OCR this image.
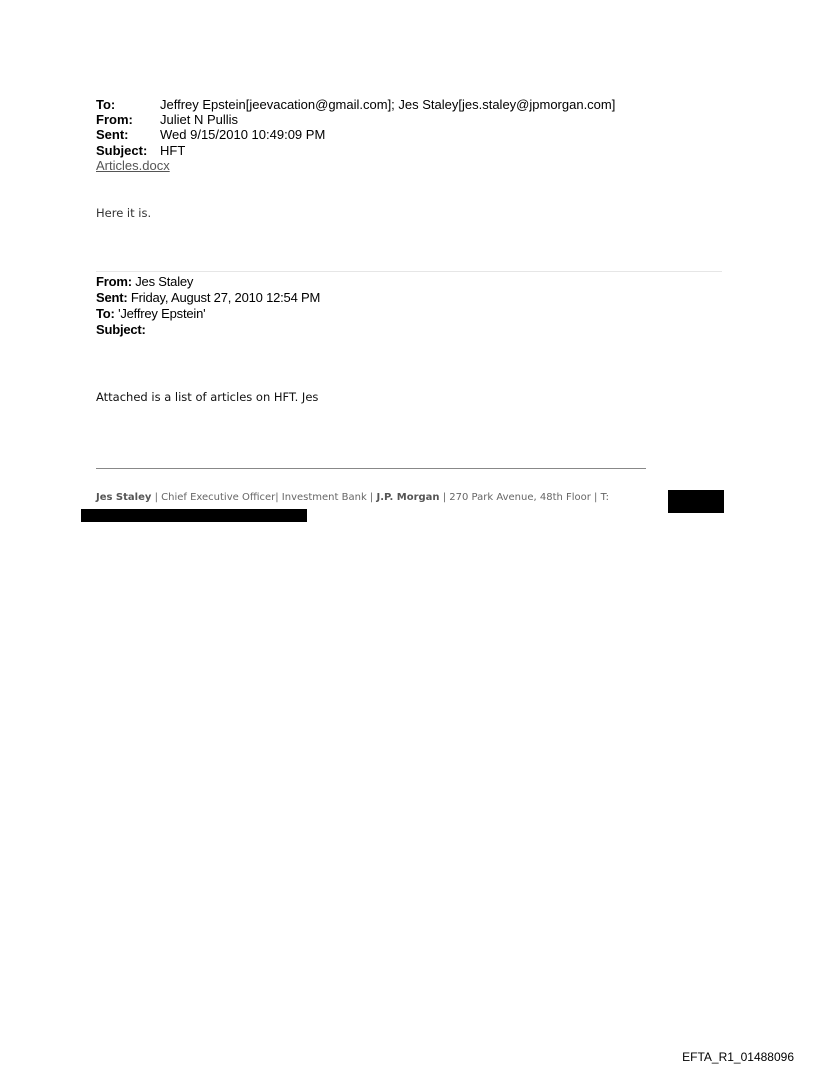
To:	Jeffrey Epstein[jeevacation@gmail.com]; Jes Staley[jes.staley@jpmorgan.com]
From: Juliet N Pullis
Sent: Wed 9/15/2010 10:49:09 PM
Subject: HFT
Articles.docx
Here it is.
From: Jes Staley
Sent: Friday, August 27, 2010 12:54 PM
To: 'Jeffrey Epstein'
Subject:
Attached is a list of articles on HFT. Jes
Jes Staley | Chief Executive Officer| Investment Bank | J.P. Morgan | 270 Park Avenue, 48th Floor | T:
EFTA_R1_01488096
